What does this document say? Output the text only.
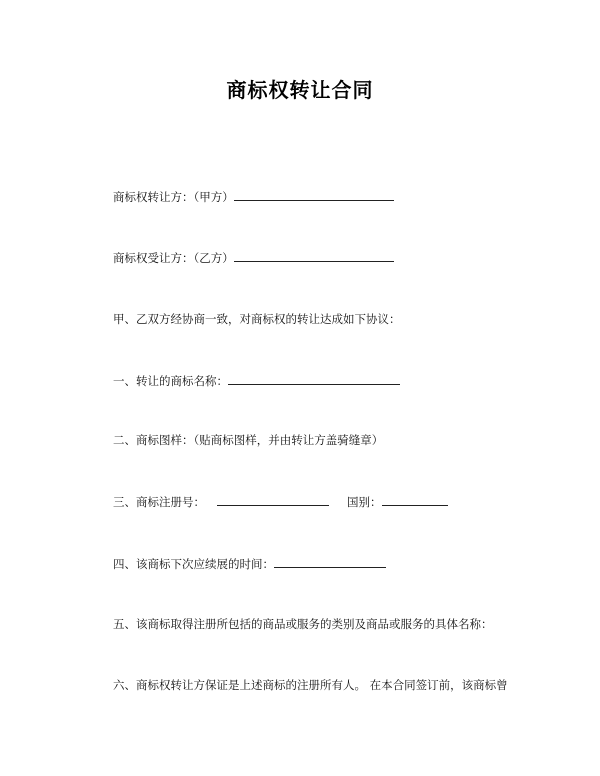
商标权转让合同
商标权转让方：（甲方）
商标权受让方：（乙方）
甲、乙双方经协商一致，对商标权的转让达成如下协议：
一、转让的商标名称：
二、商标图样：（贴商标图样，并由转让方盖骑缝章）
三、商标注册号：	国别：
四、该商标下次应续展的时间：
五、该商标取得注册所包括的商品或服务的类别及商品或服务的具体名称：
六、商标权转让方保证是上述商标的注册所有人。 在本合同签订前，该商标曾
